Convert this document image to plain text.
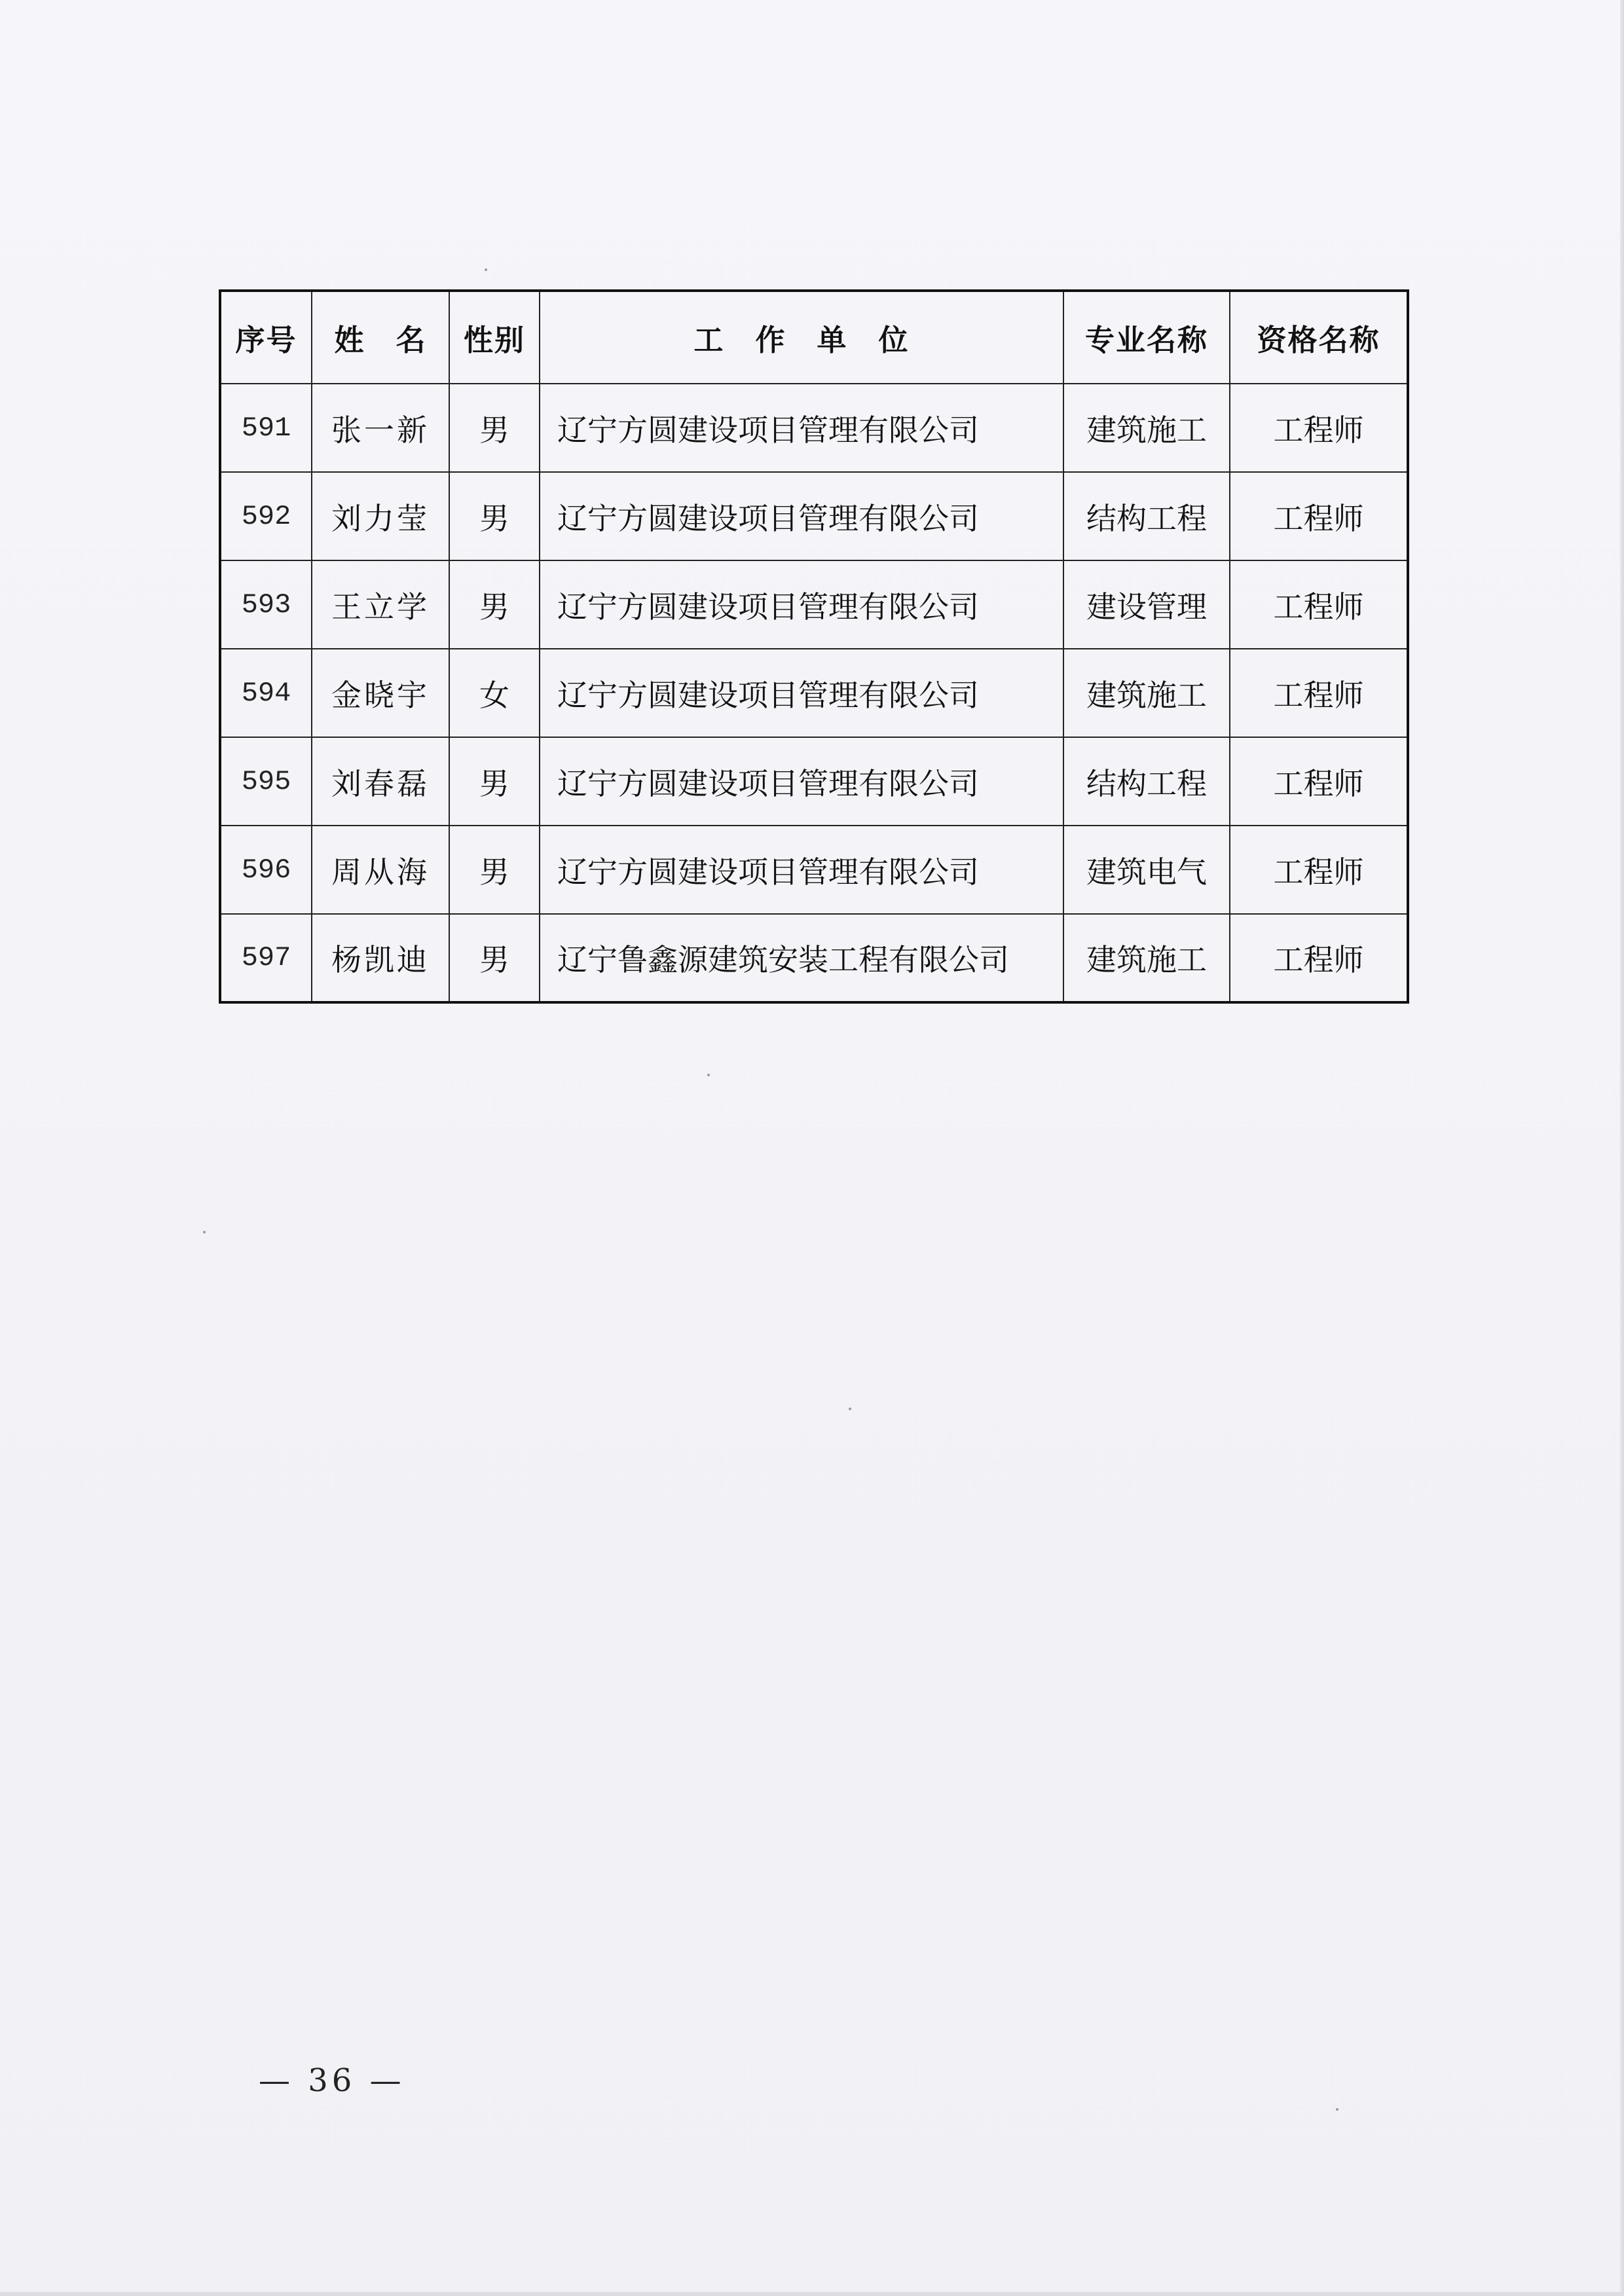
序号	姓　名	性别	工　作　单　位	专业名称	资格名称
591	张一新	男	辽宁方圆建设项目管理有限公司	建筑施工	工程师
592	刘力莹	男	辽宁方圆建设项目管理有限公司	结构工程	工程师
593	王立学	男	辽宁方圆建设项目管理有限公司	建设管理	工程师
594	金晓宇	女	辽宁方圆建设项目管理有限公司	建筑施工	工程师
595	刘春磊	男	辽宁方圆建设项目管理有限公司	结构工程	工程师
596	周从海	男	辽宁方圆建设项目管理有限公司	建筑电气	工程师
597	杨凯迪	男	辽宁鲁鑫源建筑安装工程有限公司	建筑施工	工程师
— 36 —
